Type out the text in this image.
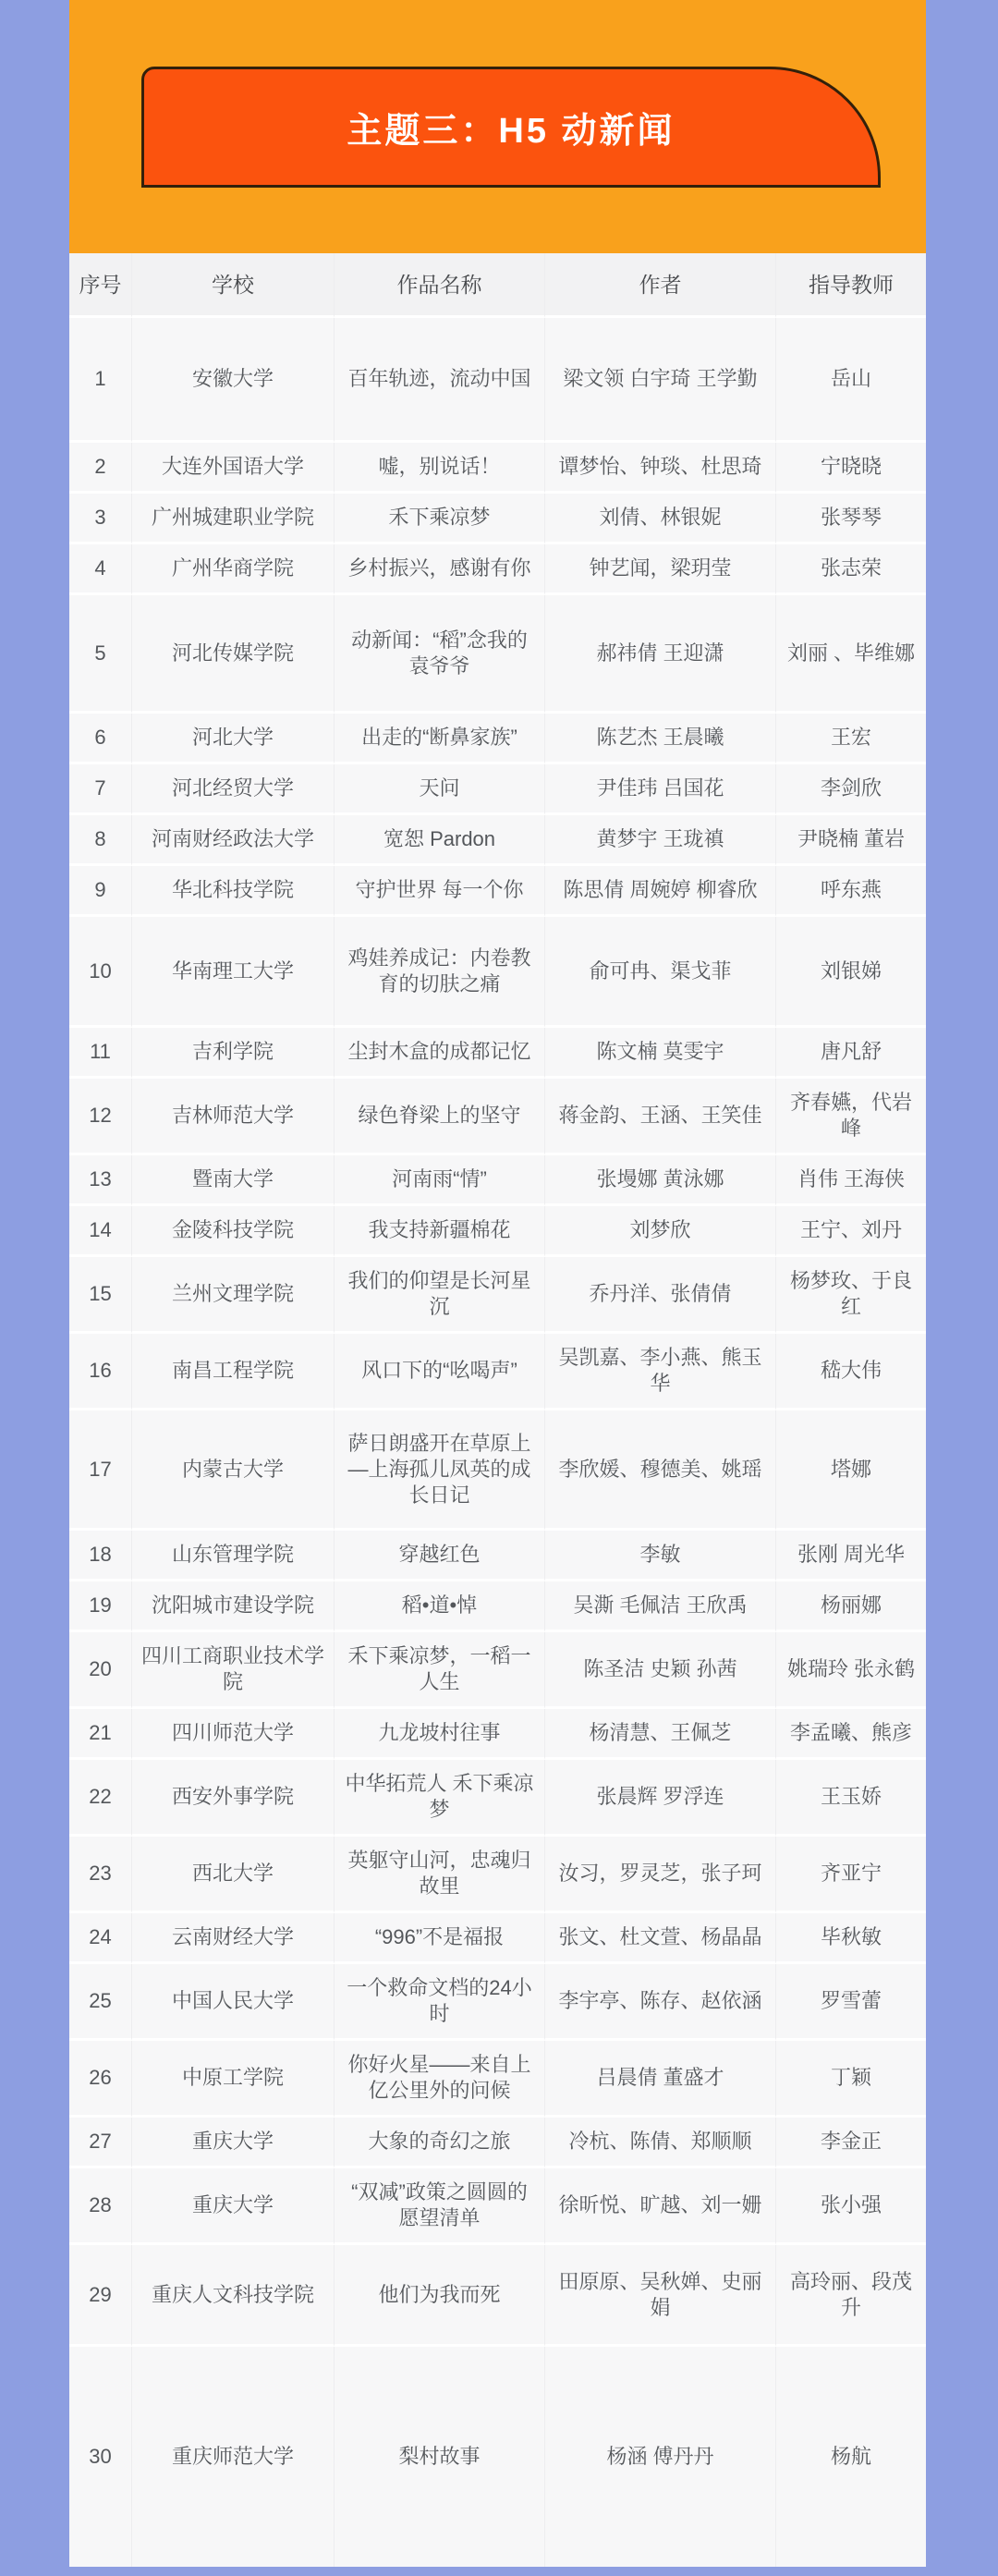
主题三：H5 动新闻
序号	学校	作品名称	作者	指导教师
1	安徽大学	百年轨迹，流动中国	梁文领 白宇琦 王学勤	岳山
2	大连外国语大学	嘘，别说话！	谭梦怡、钟琰、杜思琦	宁晓晓
3	广州城建职业学院	禾下乘凉梦	刘倩、林银妮	张琴琴
4	广州华商学院	乡村振兴，感谢有你	钟艺闻，梁玥莹	张志荣
5	河北传媒学院	动新闻：“稻”念我的袁爷爷	郝祎倩 王迎潇	刘丽 、毕维娜
6	河北大学	出走的“断鼻家族”	陈艺杰 王晨曦	王宏
7	河北经贸大学	天问	尹佳玮 吕国花	李剑欣
8	河南财经政法大学	宽恕 Pardon	黄梦宇 王珑禛	尹晓楠 董岩
9	华北科技学院	守护世界 每一个你	陈思倩 周婉婷 柳睿欣	呼东燕
10	华南理工大学	鸡娃养成记：内卷教育的切肤之痛	俞可冉、渠戈菲	刘银娣
11	吉利学院	尘封木盒的成都记忆	陈文楠 莫雯宇	唐凡舒
12	吉林师范大学	绿色脊梁上的坚守	蒋金韵、王涵、王笑佳	齐春嬿，代岩峰
13	暨南大学	河南雨“情”	张墁娜 黄泳娜	肖伟 王海侠
14	金陵科技学院	我支持新疆棉花	刘梦欣	王宁、刘丹
15	兰州文理学院	我们的仰望是长河星沉	乔丹洋、张倩倩	杨梦玫、于良红
16	南昌工程学院	风口下的“吆喝声”	吴凯嘉、李小燕、熊玉华	嵇大伟
17	内蒙古大学	萨日朗盛开在草原上—上海孤儿凤英的成长日记	李欣媛、穆德美、姚瑶	塔娜
18	山东管理学院	穿越红色	李敏	张刚 周光华
19	沈阳城市建设学院	稻•道•悼	吴澌 毛佩洁 王欣禹	杨丽娜
20	四川工商职业技术学院	禾下乘凉梦，一稻一人生	陈圣洁 史颖 孙茜	姚瑞玲 张永鹤
21	四川师范大学	九龙坡村往事	杨清慧、王佩芝	李孟曦、熊彦
22	西安外事学院	中华拓荒人 禾下乘凉梦	张晨辉 罗浮连	王玉娇
23	西北大学	英躯守山河，忠魂归故里	汝习，罗灵芝，张子珂	齐亚宁
24	云南财经大学	“996”不是福报	张文、杜文萱、杨晶晶	毕秋敏
25	中国人民大学	一个救命文档的24小时	李宇亭、陈存、赵依涵	罗雪蕾
26	中原工学院	你好火星——来自上亿公里外的问候	吕晨倩 董盛才	丁颖
27	重庆大学	大象的奇幻之旅	冷杭、陈倩、郑顺顺	李金正
28	重庆大学	“双减”政策之圆圆的愿望清单	徐昕悦、旷越、刘一姗	张小强
29	重庆人文科技学院	他们为我而死	田原原、吴秋婵、史丽娟	高玲丽、段茂升
30	重庆师范大学	梨村故事	杨涵 傅丹丹	杨航
